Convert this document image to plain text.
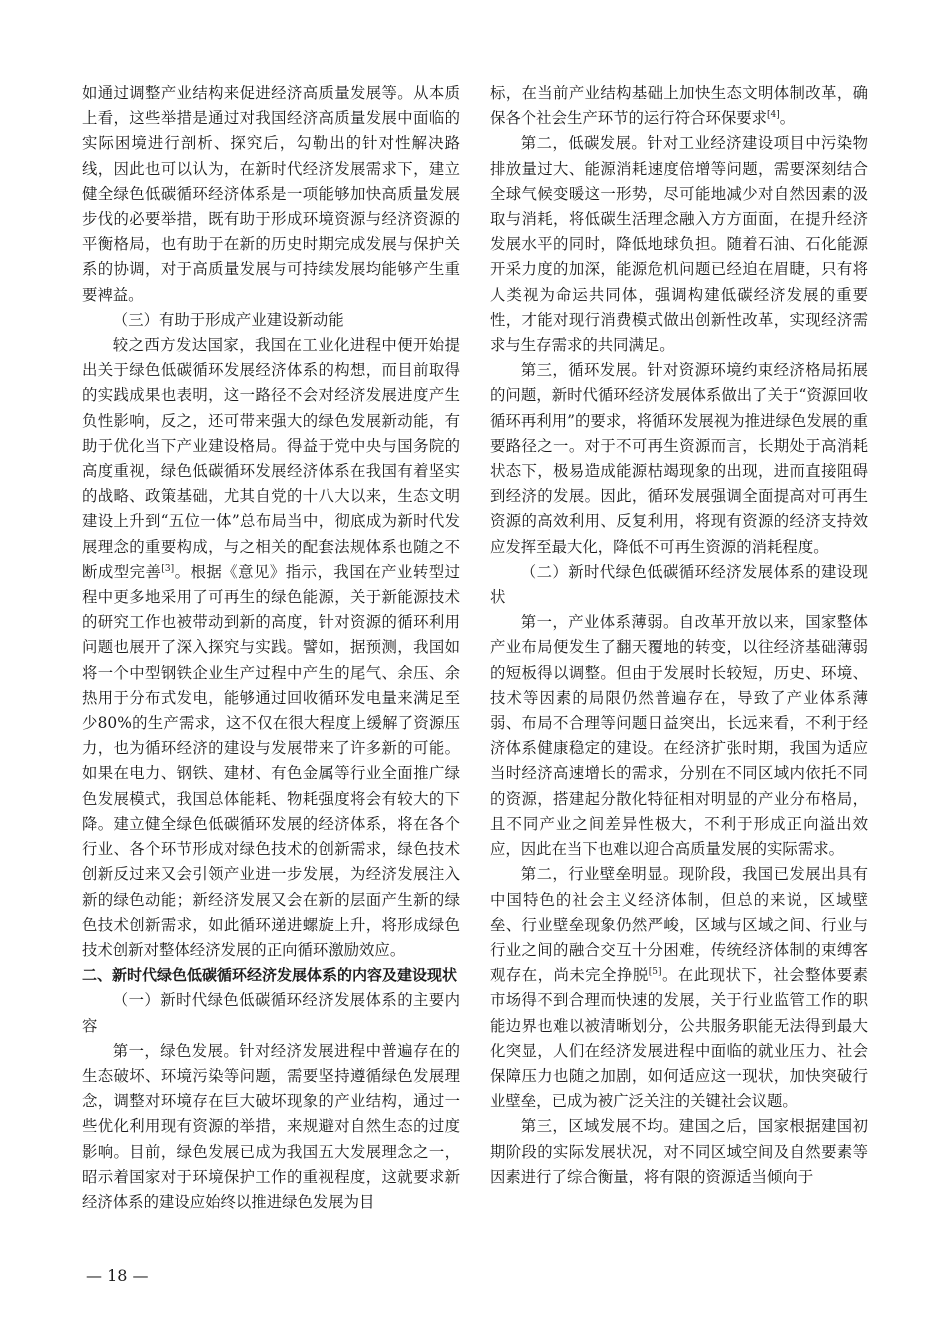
如通过调整产业结构来促进经济高质量发展等。从本质上看，这些举措是通过对我国经济高质量发展中面临的实际困境进行剖析、探究后，勾勒出的针对性解决路线，因此也可以认为，在新时代经济发展需求下，建立健全绿色低碳循环经济体系是一项能够加快高质量发展步伐的必要举措，既有助于形成环境资源与经济资源的平衡格局，也有助于在新的历史时期完成发展与保护关系的协调，对于高质量发展与可持续发展均能够产生重要裨益。

（三）有助于形成产业建设新动能

较之西方发达国家，我国在工业化进程中便开始提出关于绿色低碳循环发展经济体系的构想，而目前取得的实践成果也表明，这一路径不会对经济发展进度产生负性影响，反之，还可带来强大的绿色发展新动能，有助于优化当下产业建设格局。得益于党中央与国务院的高度重视，绿色低碳循环发展经济体系在我国有着坚实的战略、政策基础，尤其自党的十八大以来，生态文明建设上升到“五位一体”总布局当中，彻底成为新时代发展理念的重要构成，与之相关的配套法规体系也随之不断成型完善[3]。根据《意见》指示，我国在产业转型过程中更多地采用了可再生的绿色能源，关于新能源技术的研究工作也被带动到新的高度，针对资源的循环利用问题也展开了深入探究与实践。譬如，据预测，我国如将一个中型钢铁企业生产过程中产生的尾气、余压、余热用于分布式发电，能够通过回收循环发电量来满足至少80%的生产需求，这不仅在很大程度上缓解了资源压力，也为循环经济的建设与发展带来了许多新的可能。如果在电力、钢铁、建材、有色金属等行业全面推广绿色发展模式，我国总体能耗、物耗强度将会有较大的下降。建立健全绿色低碳循环发展的经济体系，将在各个行业、各个环节形成对绿色技术的创新需求，绿色技术创新反过来又会引领产业进一步发展，为经济发展注入新的绿色动能；新经济发展又会在新的层面产生新的绿色技术创新需求，如此循环递进螺旋上升，将形成绿色技术创新对整体经济发展的正向循环激励效应。

二、新时代绿色低碳循环经济发展体系的内容及建设现状

（一）新时代绿色低碳循环经济发展体系的主要内容

第一，绿色发展。针对经济发展进程中普遍存在的生态破坏、环境污染等问题，需要坚持遵循绿色发展理念，调整对环境存在巨大破坏现象的产业结构，通过一些优化利用现有资源的举措，来规避对自然生态的过度影响。目前，绿色发展已成为我国五大发展理念之一，昭示着国家对于环境保护工作的重视程度，这就要求新经济体系的建设应始终以推进绿色发展为目

标，在当前产业结构基础上加快生态文明体制改革，确保各个社会生产环节的运行符合环保要求[4]。

第二，低碳发展。针对工业经济建设项目中污染物排放量过大、能源消耗速度倍增等问题，需要深刻结合全球气候变暖这一形势，尽可能地减少对自然因素的汲取与消耗，将低碳生活理念融入方方面面，在提升经济发展水平的同时，降低地球负担。随着石油、石化能源开采力度的加深，能源危机问题已经迫在眉睫，只有将人类视为命运共同体，强调构建低碳经济发展的重要性，才能对现行消费模式做出创新性改革，实现经济需求与生存需求的共同满足。

第三，循环发展。针对资源环境约束经济格局拓展的问题，新时代循环经济发展体系做出了关于“资源回收循环再利用”的要求，将循环发展视为推进绿色发展的重要路径之一。对于不可再生资源而言，长期处于高消耗状态下，极易造成能源枯竭现象的出现，进而直接阻碍到经济的发展。因此，循环发展强调全面提高对可再生资源的高效利用、反复利用，将现有资源的经济支持效应发挥至最大化，降低不可再生资源的消耗程度。

（二）新时代绿色低碳循环经济发展体系的建设现状

第一，产业体系薄弱。自改革开放以来，国家整体产业布局便发生了翻天覆地的转变，以往经济基础薄弱的短板得以调整。但由于发展时长较短，历史、环境、技术等因素的局限仍然普遍存在，导致了产业体系薄弱、布局不合理等问题日益突出，长远来看，不利于经济体系健康稳定的建设。在经济扩张时期，我国为适应当时经济高速增长的需求，分别在不同区域内依托不同的资源，搭建起分散化特征相对明显的产业分布格局，且不同产业之间差异性极大，不利于形成正向溢出效应，因此在当下也难以迎合高质量发展的实际需求。

第二，行业壁垒明显。现阶段，我国已发展出具有中国特色的社会主义经济体制，但总的来说，区域壁垒、行业壁垒现象仍然严峻，区域与区域之间、行业与行业之间的融合交互十分困难，传统经济体制的束缚客观存在，尚未完全挣脱[5]。在此现状下，社会整体要素市场得不到合理而快速的发展，关于行业监管工作的职能边界也难以被清晰划分，公共服务职能无法得到最大化突显，人们在经济发展进程中面临的就业压力、社会保障压力也随之加剧，如何适应这一现状，加快突破行业壁垒，已成为被广泛关注的关键社会议题。

第三，区域发展不均。建国之后，国家根据建国初期阶段的实际发展状况，对不同区域空间及自然要素等因素进行了综合衡量，将有限的资源适当倾向于

— 18 —
